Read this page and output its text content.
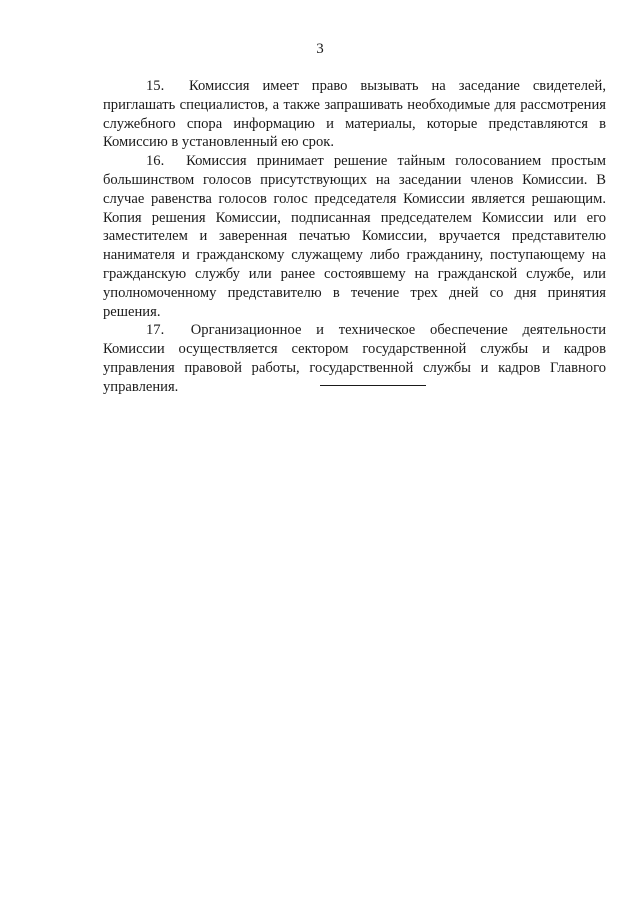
3

15. Комиссия имеет право вызывать на заседание свидетелей, приглашать специалистов, а также запрашивать необходимые для рассмотрения служебного спора информацию и материалы, которые представляются в Комиссию в установленный ею срок.

16. Комиссия принимает решение тайным голосованием простым большинством голосов присутствующих на заседании членов Комиссии. В случае равенства голосов голос председателя Комиссии является решающим. Копия решения Комиссии, подписанная председателем Комиссии или его заместителем и заверенная печатью Комиссии, вручается представителю нанимателя и гражданскому служащему либо гражданину, поступающему на гражданскую службу или ранее состоявшему на гражданской службе, или уполномоченному представителю в течение трех дней со дня принятия решения.

17. Организационное и техническое обеспечение деятельности Комиссии осуществляется сектором государственной службы и кадров управления правовой работы, государственной службы и кадров Главного управления.
